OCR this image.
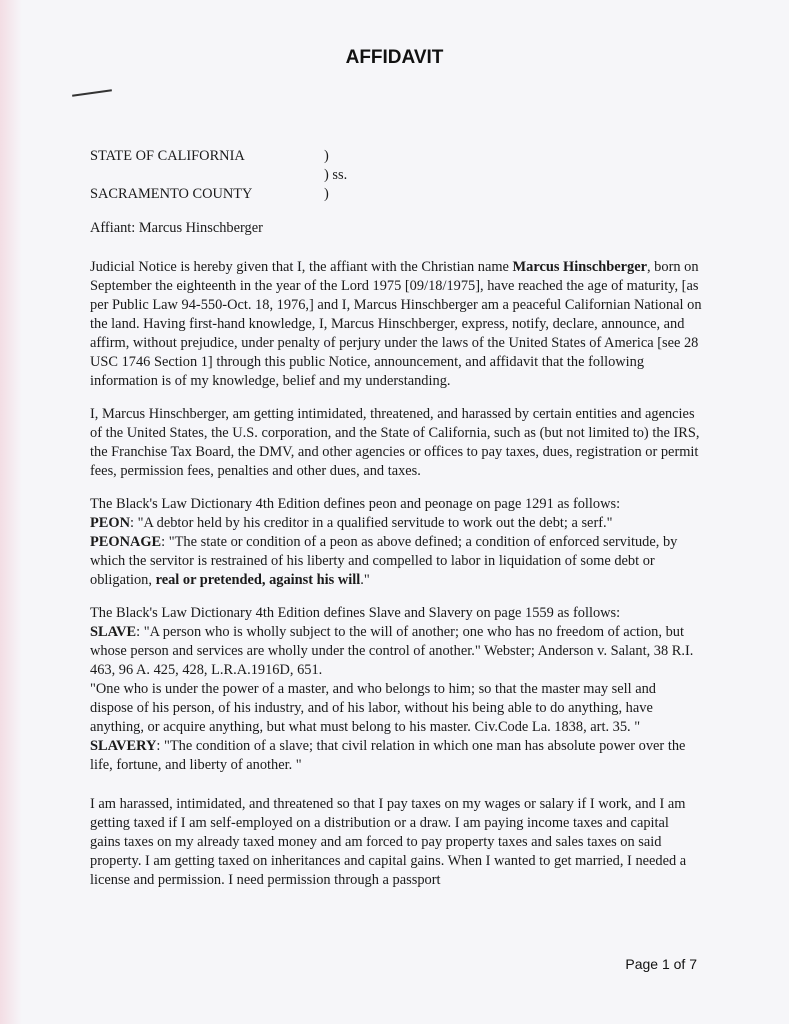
AFFIDAVIT
STATE OF CALIFORNIA	)
) ss.
SACRAMENTO COUNTY	)

Affiant: Marcus Hinschberger

Judicial Notice is hereby given that I, the affiant with the Christian name Marcus Hinschberger, born on September the eighteenth in the year of the Lord 1975 [09/18/1975], have reached the age of maturity, [as per Public Law 94-550-Oct. 18, 1976,] and I, Marcus Hinschberger am a peaceful Californian National on the land. Having first-hand knowledge, I, Marcus Hinschberger, express, notify, declare, announce, and affirm, without prejudice, under penalty of perjury under the laws of the United States of America [see 28 USC 1746 Section 1] through this public Notice, announcement, and affidavit that the following information is of my knowledge, belief and my understanding.

I, Marcus Hinschberger, am getting intimidated, threatened, and harassed by certain entities and agencies of the United States, the U.S. corporation, and the State of California, such as (but not limited to) the IRS, the Franchise Tax Board, the DMV, and other agencies or offices to pay taxes, dues, registration or permit fees, permission fees, penalties and other dues, and taxes.

The Black's Law Dictionary 4th Edition defines peon and peonage on page 1291 as follows:
PEON: "A debtor held by his creditor in a qualified servitude to work out the debt; a serf."
PEONAGE: "The state or condition of a peon as above defined; a condition of enforced servitude, by which the servitor is restrained of his liberty and compelled to labor in liquidation of some debt or obligation, real or pretended, against his will."

The Black's Law Dictionary 4th Edition defines Slave and Slavery on page 1559 as follows:
SLAVE: "A person who is wholly subject to the will of another; one who has no freedom of action, but whose person and services are wholly under the control of another." Webster; Anderson v. Salant, 38 R.I. 463, 96 A. 425, 428, L.R.A.1916D, 651.
"One who is under the power of a master, and who belongs to him; so that the master may sell and dispose of his person, of his industry, and of his labor, without his being able to do anything, have anything, or acquire anything, but what must belong to his master. Civ.Code La. 1838, art. 35. "
SLAVERY: "The condition of a slave; that civil relation in which one man has absolute power over the life, fortune, and liberty of another. "

I am harassed, intimidated, and threatened so that I pay taxes on my wages or salary if I work, and I am getting taxed if I am self-employed on a distribution or a draw. I am paying income taxes and capital gains taxes on my already taxed money and am forced to pay property taxes and sales taxes on said property. I am getting taxed on inheritances and capital gains. When I wanted to get married, I needed a license and permission. I need permission through a passport

Page 1 of 7
